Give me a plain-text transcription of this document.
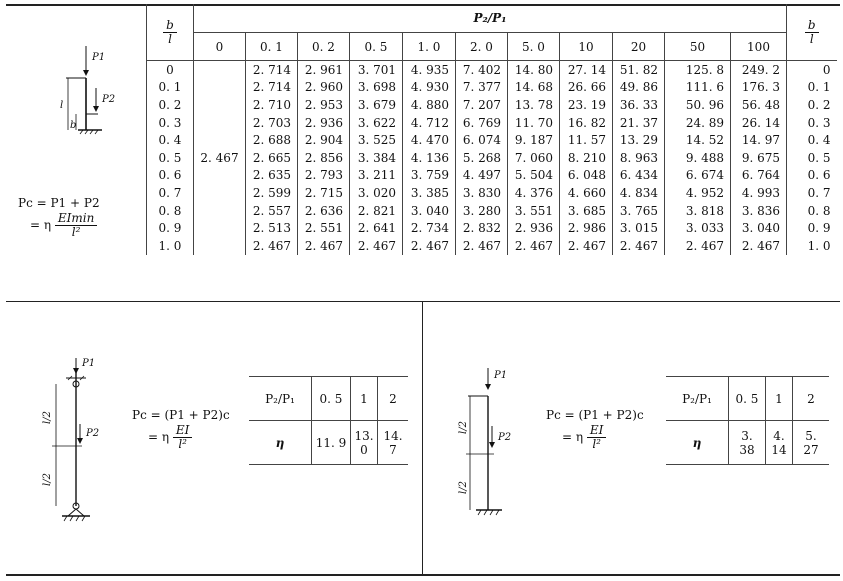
P1
P2
l
b
Pc = P1 + P2
= η $\frac{EImin}{\text{l²}}$
$\frac{b}{l}$	P₂/P₁											$\frac{b}{l}$

	0	0. 1	0. 2	0. 5	1. 0	2. 0	5. 0	10	20	50	100	
0	2. 467	2. 714	2. 961	3. 701	4. 935	7. 402	14. 80	27. 14	51. 82	125. 8	249. 2	0
0. 1		2. 714	2. 960	3. 698	4. 930	7. 377	14. 68	26. 66	49. 86	111. 6	176. 3	0. 1
0. 2		2. 710	2. 953	3. 679	4. 880	7. 207	13. 78	23. 19	36. 33	50. 96	56. 48	0. 2
0. 3		2. 703	2. 936	3. 622	4. 712	6. 769	11. 70	16. 82	21. 37	24. 89	26. 14	0. 3
0. 4		2. 688	2. 904	3. 525	4. 470	6. 074	9. 187	11. 57	13. 29	14. 52	14. 97	0. 4
0. 5		2. 665	2. 856	3. 384	4. 136	5. 268	7. 060	8. 210	8. 963	9. 488	9. 675	0. 5
0. 6		2. 635	2. 793	3. 211	3. 759	4. 497	5. 504	6. 048	6. 434	6. 674	6. 764	0. 6
0. 7		2. 599	2. 715	3. 020	3. 385	3. 830	4. 376	4. 660	4. 834	4. 952	4. 993	0. 7
0. 8		2. 557	2. 636	2. 821	3. 040	3. 280	3. 551	3. 685	3. 765	3. 818	3. 836	0. 8
0. 9		2. 513	2. 551	2. 641	2. 734	2. 832	2. 936	2. 986	3. 015	3. 033	3. 040	0. 9
1. 0		2. 467	2. 467	2. 467	2. 467	2. 467	2. 467	2. 467	2. 467	2. 467	2. 467	1. 0
P1
P2
l/2
l/2
Pc = (P1 + P2)c
= η $\frac{EI}{\text{l²}}$
P₂/P₁	0. 5	1	2
η	11. 9	13. 0	14. 7
P1
P2
l/2
l/2
Pc = (P1 + P2)c
= η $\frac{EI}{\text{l²}}$
P₂/P₁	0. 5	1	2
η	3. 38	4. 14	5. 27
